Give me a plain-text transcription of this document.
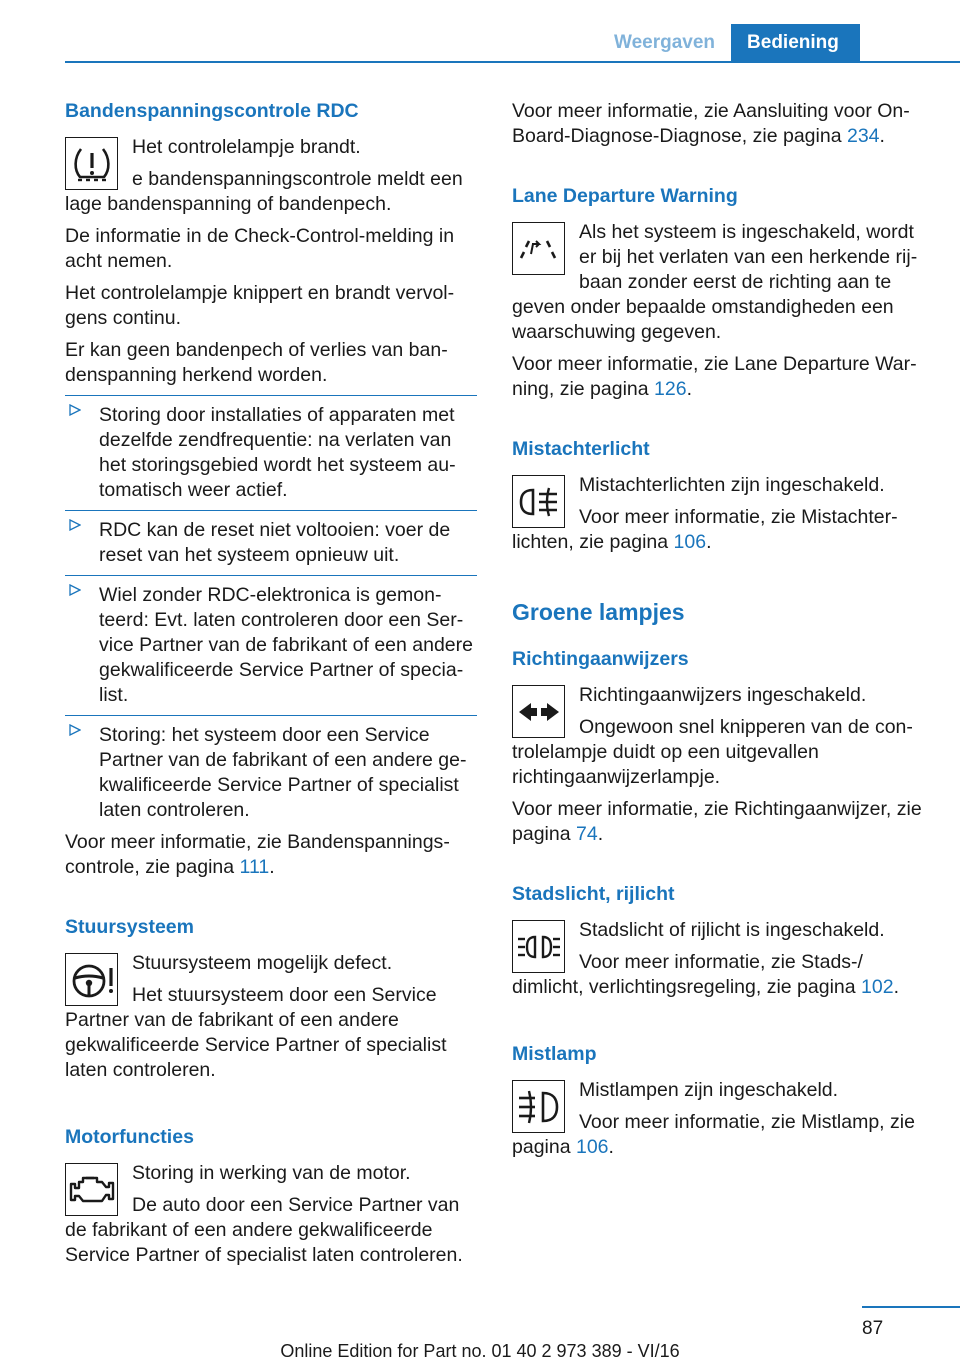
Weergaven	Bediening
Bandenspanningscontrole RDC
Het controlelampje brandt.
e bandenspanningscontrole meldt een lage bandenspanning of bandenpech.
De informatie in de Check-Control-melding in acht nemen.
Het controlelampje knippert en brandt vervolgens continu.
Er kan geen bandenpech of verlies van bandenspanning herkend worden.
Storing door installaties of apparaten met dezelfde zendfrequentie: na verlaten van het storingsgebied wordt het systeem automatisch weer actief.
RDC kan de reset niet voltooien: voer de reset van het systeem opnieuw uit.
Wiel zonder RDC-elektronica is gemonteerd: Evt. laten controleren door een Service Partner van de fabrikant of een andere gekwalificeerde Service Partner of specialist.
Storing: het systeem door een Service Partner van de fabrikant of een andere gekwalificeerde Service Partner of specialist laten controleren.
Voor meer informatie, zie Bandenspanningscontrole, zie pagina 111.
Stuursysteem
Stuursysteem mogelijk defect.
Het stuursysteem door een Service Partner van de fabrikant of een andere gekwalificeerde Service Partner of specialist laten controleren.
Motorfuncties
Storing in werking van de motor.
De auto door een Service Partner van de fabrikant of een andere gekwalificeerde Service Partner of specialist laten controleren.
Voor meer informatie, zie Aansluiting voor On-Board-Diagnose-Diagnose, zie pagina 234.
Lane Departure Warning
Als het systeem is ingeschakeld, wordt er bij het verlaten van een herkende rijbaan zonder eerst de richting aan te geven onder bepaalde omstandigheden een waarschuwing gegeven.
Voor meer informatie, zie Lane Departure Warning, zie pagina 126.
Mistachterlicht
Mistachterlichten zijn ingeschakeld.
Voor meer informatie, zie Mistachterlichten, zie pagina 106.
Groene lampjes
Richtingaanwijzers
Richtingaanwijzers ingeschakeld.
Ongewoon snel knipperen van de controlelampje duidt op een uitgevallen richtingaanwijzerlampje.
Voor meer informatie, zie Richtingaanwijzer, zie pagina 74.
Stadslicht, rijlicht
Stadslicht of rijlicht is ingeschakeld.
Voor meer informatie, zie Stads-/ dimlicht, verlichtingsregeling, zie pagina 102.
Mistlamp
Mistlampen zijn ingeschakeld.
Voor meer informatie, zie Mistlamp, zie pagina 106.
87
Online Edition for Part no. 01 40 2 973 389 - VI/16
